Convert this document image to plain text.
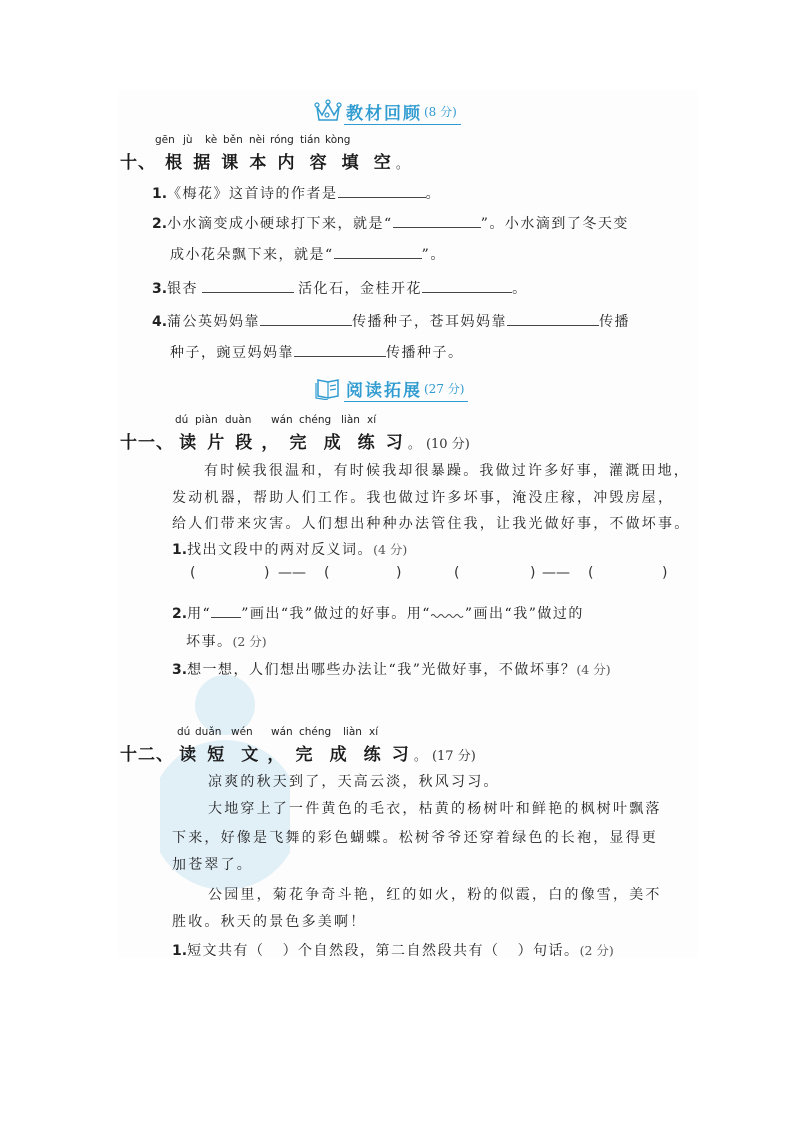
教材回顾 (8 分)
gēn jù kè běn nèi róng tián kòng
十、 根 据 课 本 内 容 填 空 。
1.《梅花》这首诗的作者是	。
2.小水滴变成小硬球打下来，就是“	”。小水滴到了冬天变
成小花朵飘下来，就是“	”。
3.银杏	活化石，金桂开花	。
4.蒲公英妈妈靠	传播种子，苍耳妈妈靠	传播
种子，豌豆妈妈靠	传播种子。
阅读拓展 (27 分)
dú piàn duàn wán chéng liàn xí
十一、 读 片 段 ， 完 成 练 习 。 (10 分)
有时候我很温和，有时候我却很暴躁。我做过许多好事，灌溉田地，
发动机器，帮助人们工作。我也做过许多坏事，淹没庄稼，冲毁房屋，
给人们带来灾害。人们想出种种办法管住我，让我光做好事，不做坏事。
1.找出文段中的两对反义词。(4 分)
(	) —— (	)	(	) —— (	)
2.用“ ”画出“我”做过的好事。用“ ”画出“我”做过的
坏事。(2 分)
3.想一想，人们想出哪些办法让“我”光做好事，不做坏事？(4 分)
dú duǎn wén wán chéng liàn xí
十二、 读 短 文 ， 完 成 练 习 。 (17 分)
凉爽的秋天到了，天高云淡，秋风习习。
大地穿上了一件黄色的毛衣，枯黄的杨树叶和鲜艳的枫树叶飘落
下来，好像是飞舞的彩色蝴蝶。松树爷爷还穿着绿色的长袍，显得更
加苍翠了。
公园里，菊花争奇斗艳，红的如火，粉的似霞，白的像雪，美不
胜收。秋天的景色多美啊！
1.短文共有（ ）个自然段，第二自然段共有（ ）句话。(2 分)
